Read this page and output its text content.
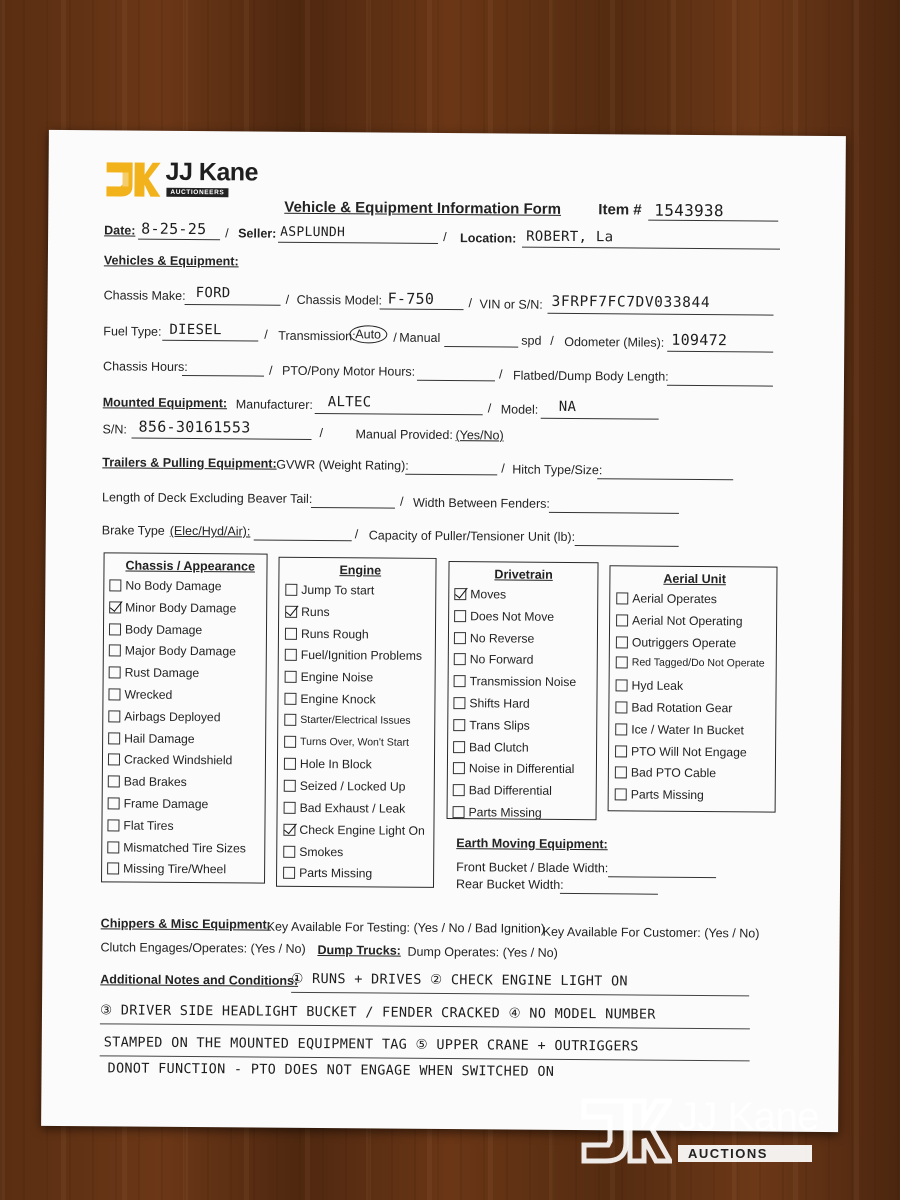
JJ Kane
AUCTIONEERS
Vehicle & Equipment Information Form Item # 1543938
Date: 8-25-25 / Seller: ASPLUNDH	/ Location: ROBERT, La
Vehicles & Equipment:
Chassis Make: FORD	/ Chassis Model: F-750	/ VIN or S/N: 3FRPF7FC7DV033844
Fuel Type: DIESEL	/ Transmission: Auto / Manual	spd / Odometer (Miles): 109472
Chassis Hours:	/ PTO/Pony Motor Hours:	/ Flatbed/Dump Body Length:
Mounted Equipment: Manufacturer: ALTEC	/ Model: NA
S/N: 856-30161553	/	Manual Provided: (Yes/No)
Trailers & Pulling Equipment: GVWR (Weight Rating):	/ Hitch Type/Size:
Length of Deck Excluding Beaver Tail:	/ Width Between Fenders:
Brake Type (Elec/Hyd/Air):	/ Capacity of Puller/Tensioner Unit (lb):
Chassis / Appearance
No Body Damage
Minor Body Damage
Body Damage
Major Body Damage
Rust Damage
Wrecked
Airbags Deployed
Hail Damage
Cracked Windshield
Bad Brakes
Frame Damage
Flat Tires
Mismatched Tire Sizes
Missing Tire/Wheel
Engine
Jump To start
Runs
Runs Rough
Fuel/Ignition Problems
Engine Noise
Engine Knock
Starter/Electrical Issues
Turns Over, Won't Start
Hole In Block
Seized / Locked Up
Bad Exhaust / Leak
Check Engine Light On
Smokes
Parts Missing
Drivetrain
Moves
Does Not Move
No Reverse
No Forward
Transmission Noise
Shifts Hard
Trans Slips
Bad Clutch
Noise in Differential
Bad Differential
Parts Missing
Aerial Unit
Aerial Operates
Aerial Not Operating
Outriggers Operate
Red Tagged/Do Not Operate
Hyd Leak
Bad Rotation Gear
Ice / Water In Bucket
PTO Will Not Engage
Bad PTO Cable
Parts Missing
Earth Moving Equipment:
Front Bucket / Blade Width:
Rear Bucket Width:
Chippers & Misc Equipment:
Key Available For Testing: (Yes / No / Bad Ignition)
Key Available For Customer: (Yes / No)
Clutch Engages/Operates: (Yes / No) Dump Trucks: Dump Operates: (Yes / No)
Additional Notes and Conditions:
① RUNS + DRIVES ② CHECK ENGINE LIGHT ON
③ DRIVER SIDE HEADLIGHT BUCKET / FENDER CRACKED ④ NO MODEL NUMBER
STAMPED ON THE MOUNTED EQUIPMENT TAG ⑤ UPPER CRANE + OUTRIGGERS
DONOT FUNCTION - PTO DOES NOT ENGAGE WHEN SWITCHED ON
JJ Kane
AUCTIONS
